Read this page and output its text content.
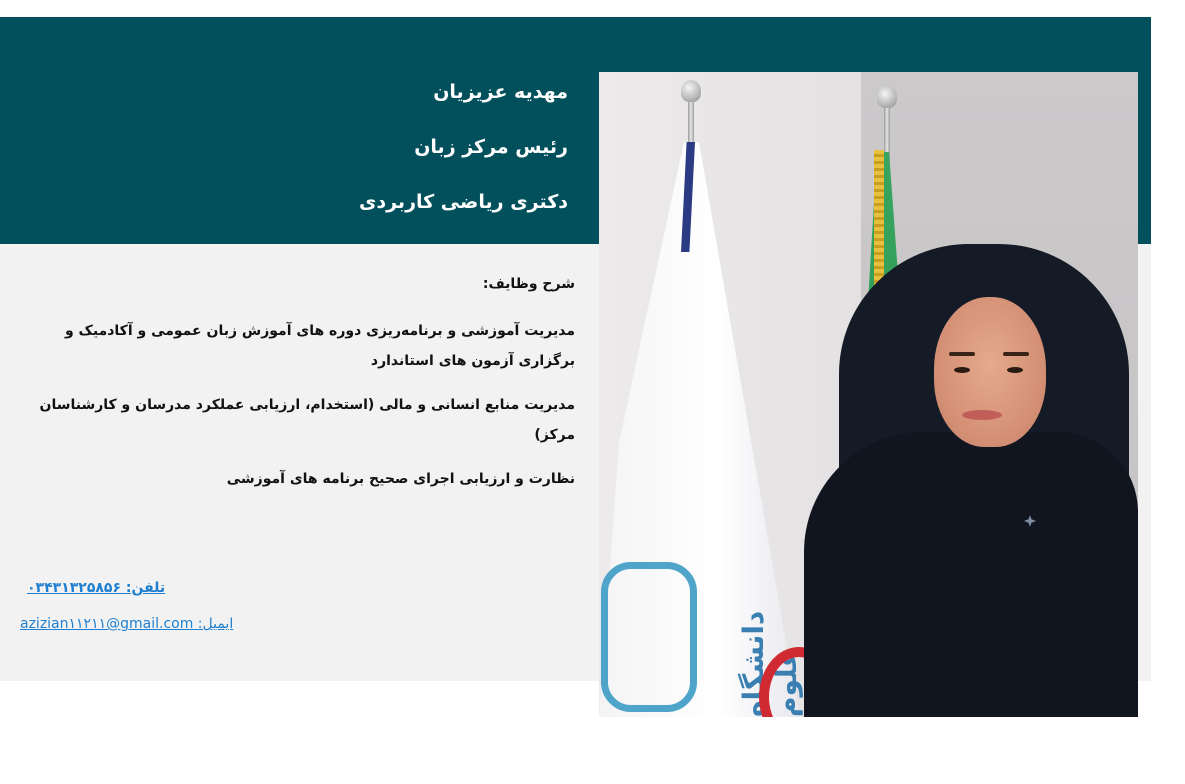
مهدیه عزیزیان
رئیس مرکز زبان
دکتری ریاضی کاربردی
شرح وظایف:
مدیریت آموزشی و برنامه‌ریزی دوره های آموزش زبان عمومی و آکادمیک و برگزاری آزمون های استاندارد
مدیریت منابع انسانی و مالی (استخدام، ارزیابی عملکرد مدرسان و کارشناسان مرکز)
نظارت و ارزیابی اجرای صحیح برنامه های آموزشی
تلفن: ۰۳۴۳۱۳۲۵۸۵۶
ایمیل: azizian۱۱۲۱۱@gmail.com	دانشگاه علوم
